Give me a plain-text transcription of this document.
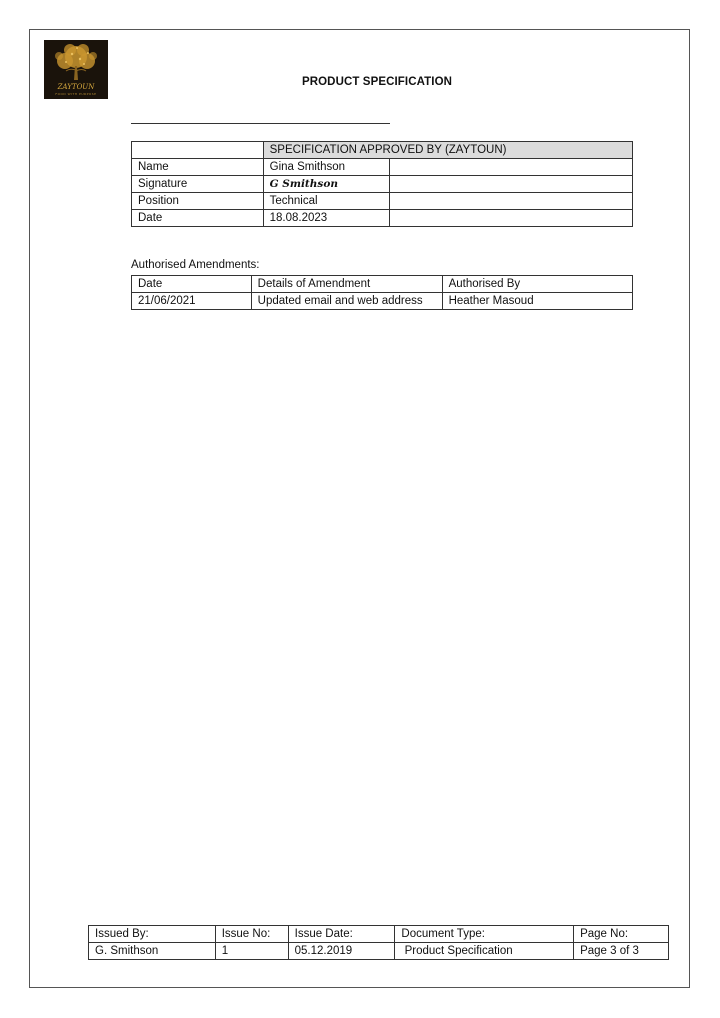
ZAYTOUN
FOOD WITH PURPOSE
PRODUCT SPECIFICATION
	SPECIFICATION APPROVED BY (ZAYTOUN)	
Name	Gina Smithson	
Signature	G Smithson	
Position	Technical	
Date	18.08.2023	
Authorised Amendments:
Date	Details of Amendment	Authorised By
21/06/2021	Updated email and web address	Heather Masoud
Issued By:	Issue No:	Issue Date:	Document Type:	Page No:
G. Smithson	1	05.12.2019	Product Specification	Page 3 of 3
